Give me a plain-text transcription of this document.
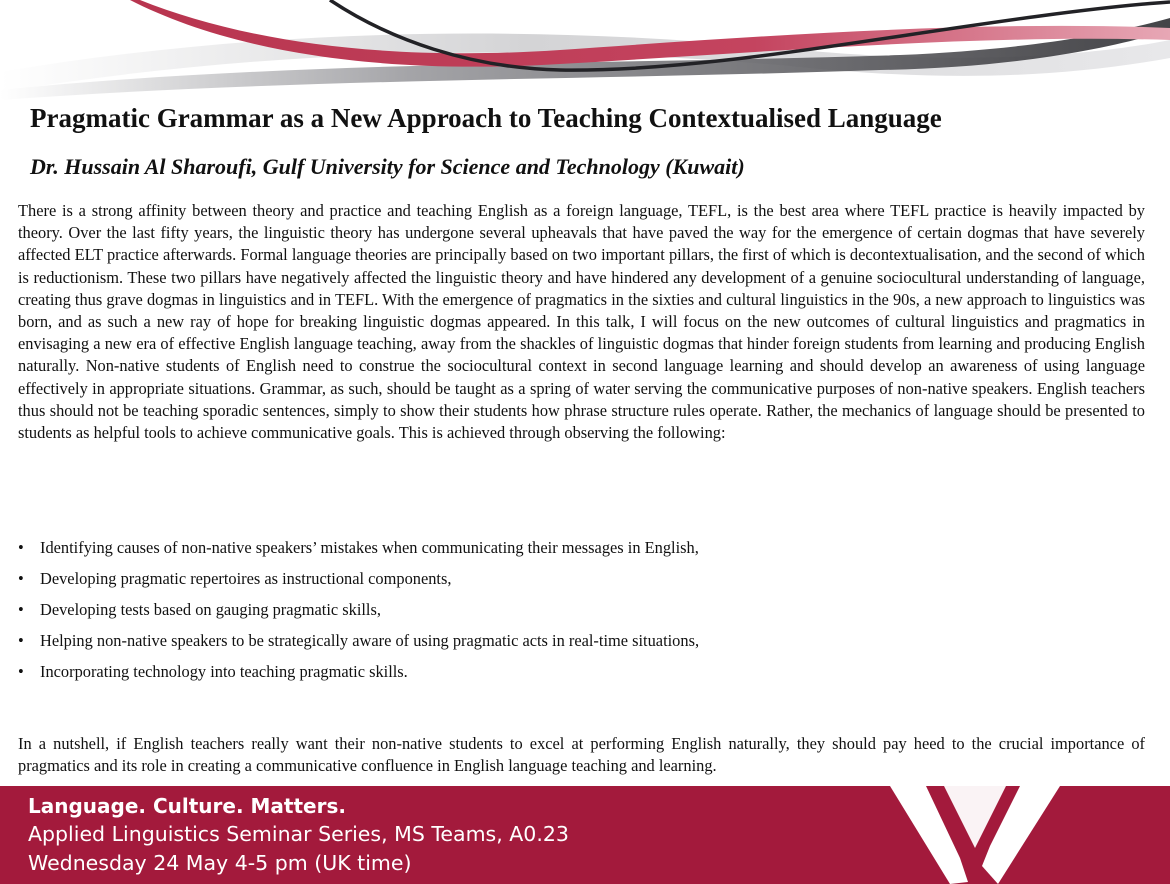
Pragmatic Grammar as a New Approach to Teaching Contextualised Language
Dr. Hussain Al Sharoufi, Gulf University for Science and Technology (Kuwait)

There is a strong affinity between theory and practice and teaching English as a foreign language, TEFL, is the best area where TEFL practice is heavily impacted by theory. Over the last fifty years, the linguistic theory has undergone several upheavals that have paved the way for the emergence of certain dogmas that have severely affected ELT practice afterwards. Formal language theories are principally based on two important pillars, the first of which is decontextualisation, and the second of which is reductionism. These two pillars have negatively affected the linguistic theory and have hindered any development of a genuine sociocultural understanding of language, creating thus grave dogmas in linguistics and in TEFL. With the emergence of pragmatics in the sixties and cultural linguistics in the 90s, a new approach to linguistics was born, and as such a new ray of hope for breaking linguistic dogmas appeared. In this talk, I will focus on the new outcomes of cultural linguistics and pragmatics in envisaging a new era of effective English language teaching, away from the shackles of linguistic dogmas that hinder foreign students from learning and producing English naturally. Non-native students of English need to construe the sociocultural context in second language learning and should develop an awareness of using language effectively in appropriate situations. Grammar, as such, should be taught as a spring of water serving the communicative purposes of non-native speakers. English teachers thus should not be teaching sporadic sentences, simply to show their students how phrase structure rules operate. Rather, the mechanics of language should be presented to students as helpful tools to achieve communicative goals. This is achieved through observing the following:

• Identifying causes of non-native speakers’ mistakes when communicating their messages in English,
• Developing pragmatic repertoires as instructional components,
• Developing tests based on gauging pragmatic skills,
• Helping non-native speakers to be strategically aware of using pragmatic acts in real-time situations,
• Incorporating technology into teaching pragmatic skills.

In a nutshell, if English teachers really want their non-native students to excel at performing English naturally, they should pay heed to the crucial importance of pragmatics and its role in creating a communicative confluence in English language teaching and learning.

Language. Culture. Matters.
Applied Linguistics Seminar Series, MS Teams, A0.23
Wednesday 24 May 4-5 pm (UK time)
